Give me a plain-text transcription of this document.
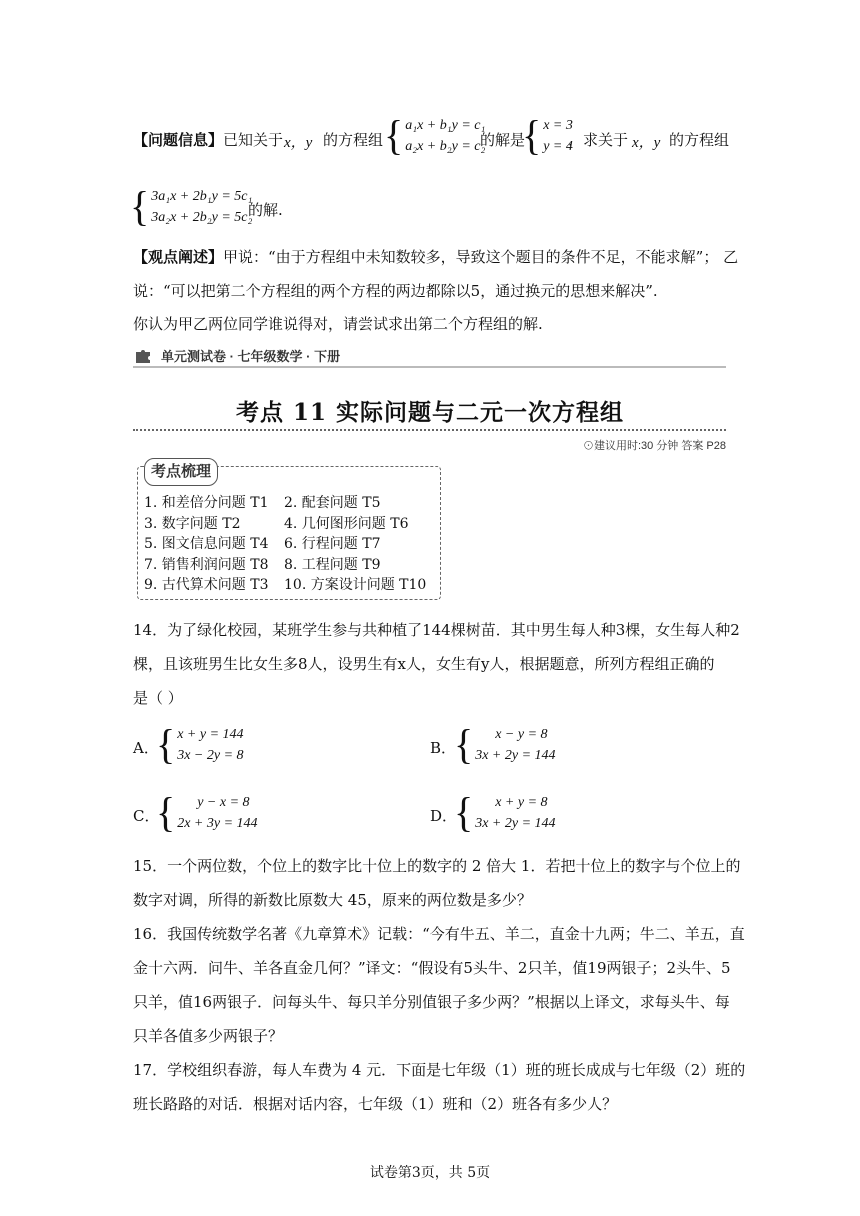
【问题信息】已知关于 x，y 的方程组 { a₁x + b₁y = c₁
a₂x + b₂y = c₂
的解是
{ x = 3
y = 4
，求关于 x，y 的方程组
{ 3a₁x + 2b₁y = 5c₁
3a₂x + 2b₂y = 5c₂
的解.
【观点阐述】甲说：“由于方程组中未知数较多，导致这个题目的条件不足，不能求解”； 乙
说：“可以把第二个方程组的两个方程的两边都除以5，通过换元的思想来解决”.
你认为甲乙两位同学谁说得对，请尝试求出第二个方程组的解.
单元测试卷 · 七年级数学 · 下册
考点 11 实际问题与二元一次方程组
⊙建议用时:30 分钟 答案 P28
考点梳理
1. 和差倍分问题 T1 2. 配套问题 T5
3. 数字问题 T2	4. 几何图形问题 T6
5. 图文信息问题 T4 6. 行程问题 T7
7. 销售利润问题 T8 8. 工程问题 T9
9. 古代算术问题 T3 10. 方案设计问题 T10
14．为了绿化校园，某班学生参与共种植了144棵树苗．其中男生每人种3棵，女生每人种2
棵，且该班男生比女生多8人，设男生有x人，女生有y人，根据题意，所列方程组正确的
是（ ）
A．
{ x + y = 144
3x − 2y = 8	B．
{	x − y = 8
3x + 2y = 144
C．
{	y − x = 8
2x + 3y = 144	D．
{	x + y = 8
3x + 2y = 144
15．一个两位数，个位上的数字比十位上的数字的 2 倍大 1．若把十位上的数字与个位上的
数字对调，所得的新数比原数大 45，原来的两位数是多少？
16．我国传统数学名著《九章算术》记载：“今有牛五、羊二，直金十九两；牛二、羊五，直
金十六两．问牛、羊各直金几何？”译文：“假设有5头牛、2只羊，值19两银子；2头牛、5
只羊，值16两银子．问每头牛、每只羊分别值银子多少两？”根据以上译文，求每头牛、每
只羊各值多少两银子？
17．学校组织春游，每人车费为 4 元．下面是七年级（1）班的班长成成与七年级（2）班的
班长路路的对话．根据对话内容，七年级（1）班和（2）班各有多少人？
试卷第3页，共 5页
